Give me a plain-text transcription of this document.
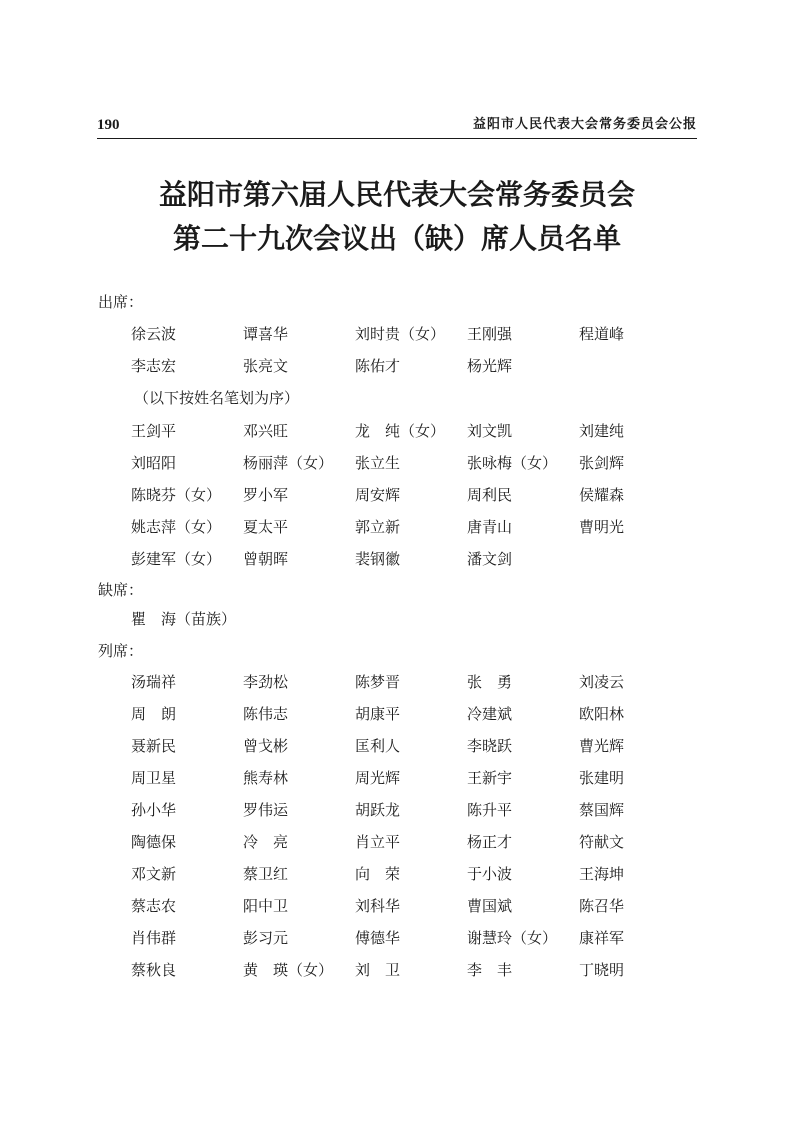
190	益阳市人民代表大会常务委员会公报
益阳市第六届人民代表大会常务委员会
第二十九次会议出（缺）席人员名单
出席：
徐云波	谭喜华	刘时贵（女） 王刚强	程道峰
李志宏	张亮文	陈佑才	杨光辉
（以下按姓名笔划为序）
王剑平	邓兴旺	龙　纯（女） 刘文凯	刘建纯
刘昭阳	杨丽萍（女） 张立生	张咏梅（女） 张剑辉
陈晓芬（女） 罗小军	周安辉	周利民	侯耀森
姚志萍（女） 夏太平	郭立新	唐青山	曹明光
彭建军（女） 曾朝晖	裴钢徽	潘文剑
缺席：
瞿　海（苗族）
列席：
汤瑞祥	李劲松	陈梦晋	张　勇	刘凌云
周　朗	陈伟志	胡康平	冷建斌	欧阳林
聂新民	曾戈彬	匡利人	李晓跃	曹光辉
周卫星	熊寿林	周光辉	王新宇	张建明
孙小华	罗伟运	胡跃龙	陈升平	蔡国辉
陶德保	冷　亮	肖立平	杨正才	符献文
邓文新	蔡卫红	向　荣	于小波	王海坤
蔡志农	阳中卫	刘科华	曹国斌	陈召华
肖伟群	彭习元	傅德华	谢慧玲（女） 康祥军
蔡秋良	黄　瑛（女） 刘　卫	李　丰	丁晓明
